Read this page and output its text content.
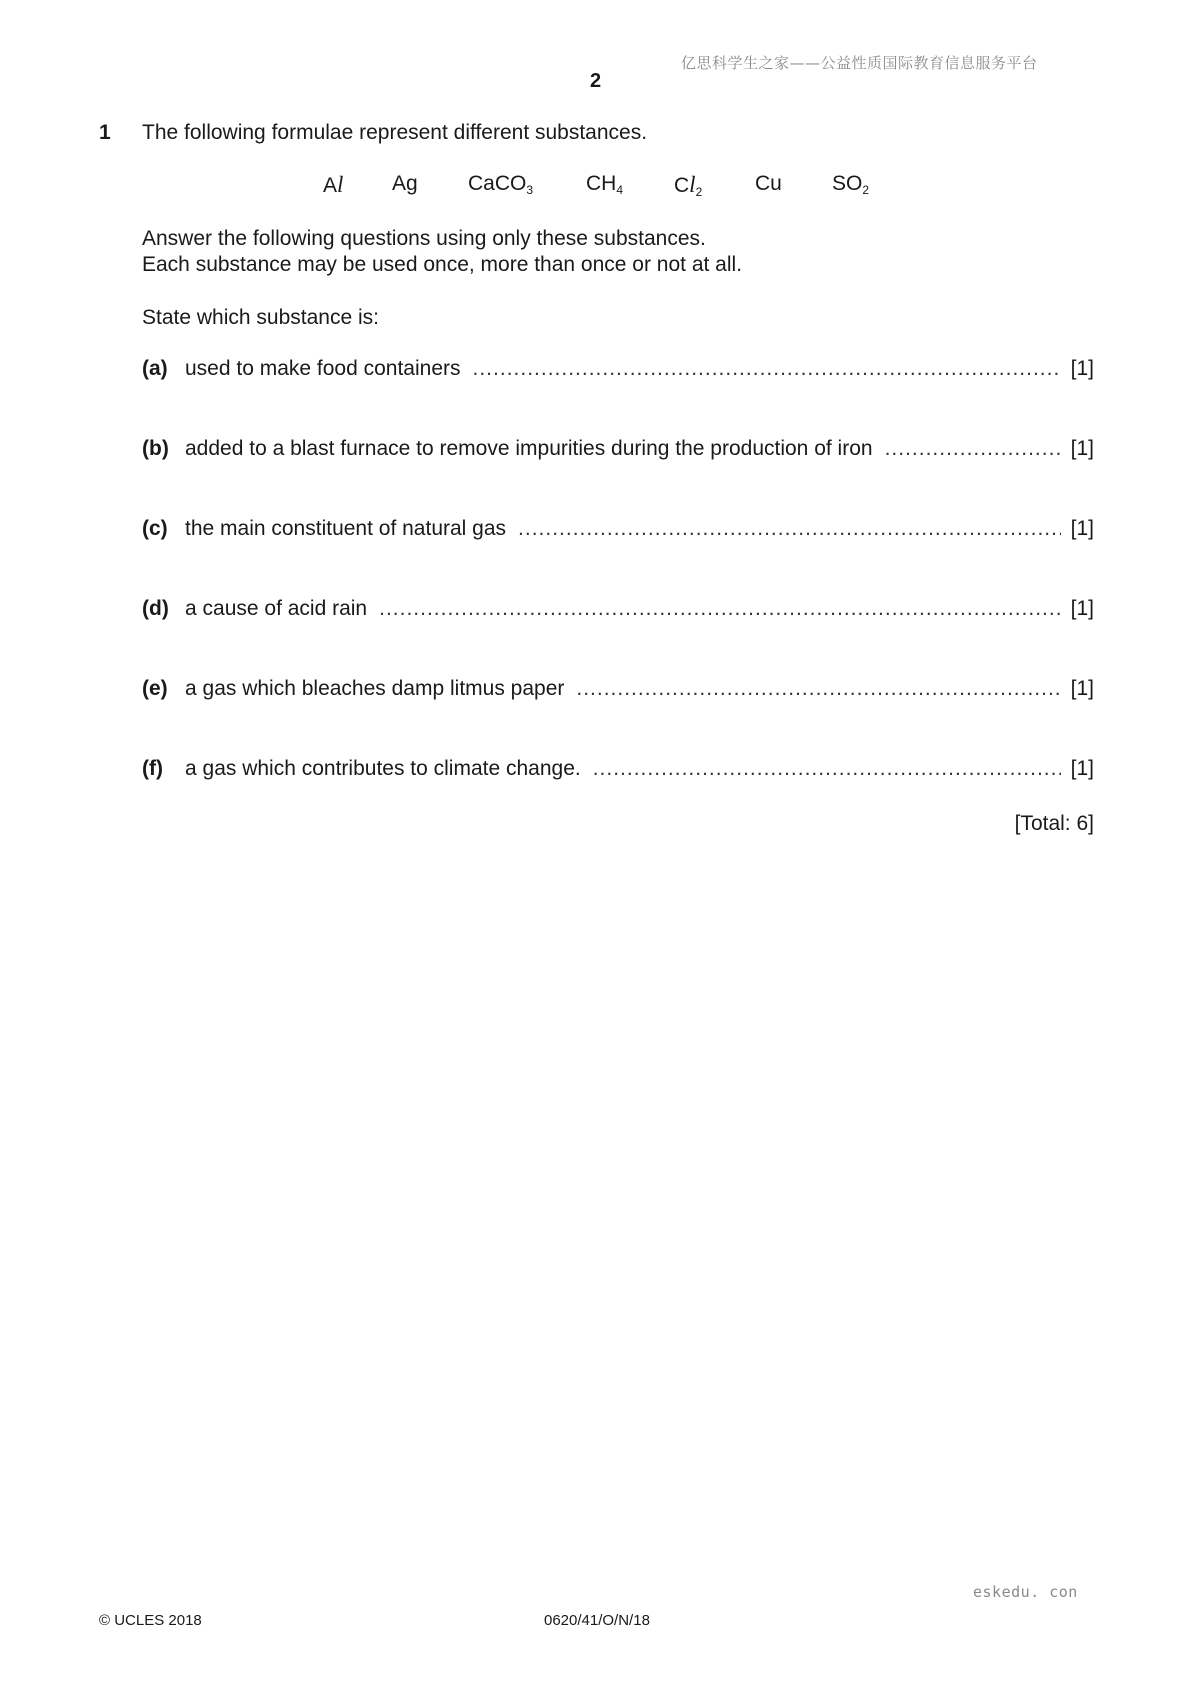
亿思科学生之家——公益性质国际教育信息服务平台
2
1 The following formulae represent different substances.
Al Ag CaCO$_3$	$CH_4$ $Cl_2$	Cu $SO_2$
Answer the following questions using only these substances.
Each substance may be used once, more than once or not at all.
State which substance is:
(a) used to make food containers .....	[1]
(b) added to a blast furnace to remove impurities during the production of iron .....	[1]
(c) the main constituent of natural gas .....	[1]
(d) a cause of acid rain .....	[1]
(e) a gas which bleaches damp litmus paper .....	[1]
(f)	a gas which contributes to climate change. .....	[1]
[Total: 6]
eskedu. con
© UCLES 2018	0620/41/O/N/18
